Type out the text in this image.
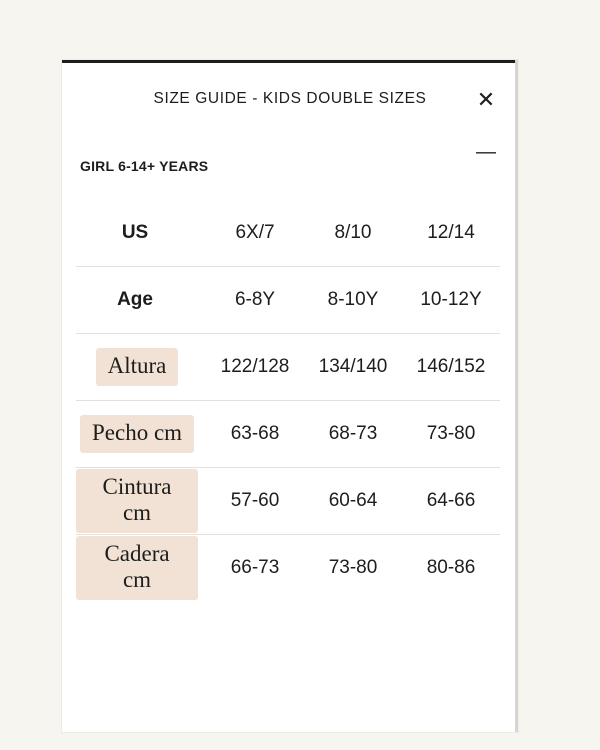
SIZE GUIDE - KIDS DOUBLE SIZES	✕
—
GIRL 6-14+ YEARS
US	6X/7	8/10	12/14
Age	6-8Y	8-10Y	10-12Y
Altura	122/128	134/140	146/152
Pecho cm	63-68	68-73	73-80
Cintura cm	57-60	60-64	64-66
Cadera cm	66-73	73-80	80-86
